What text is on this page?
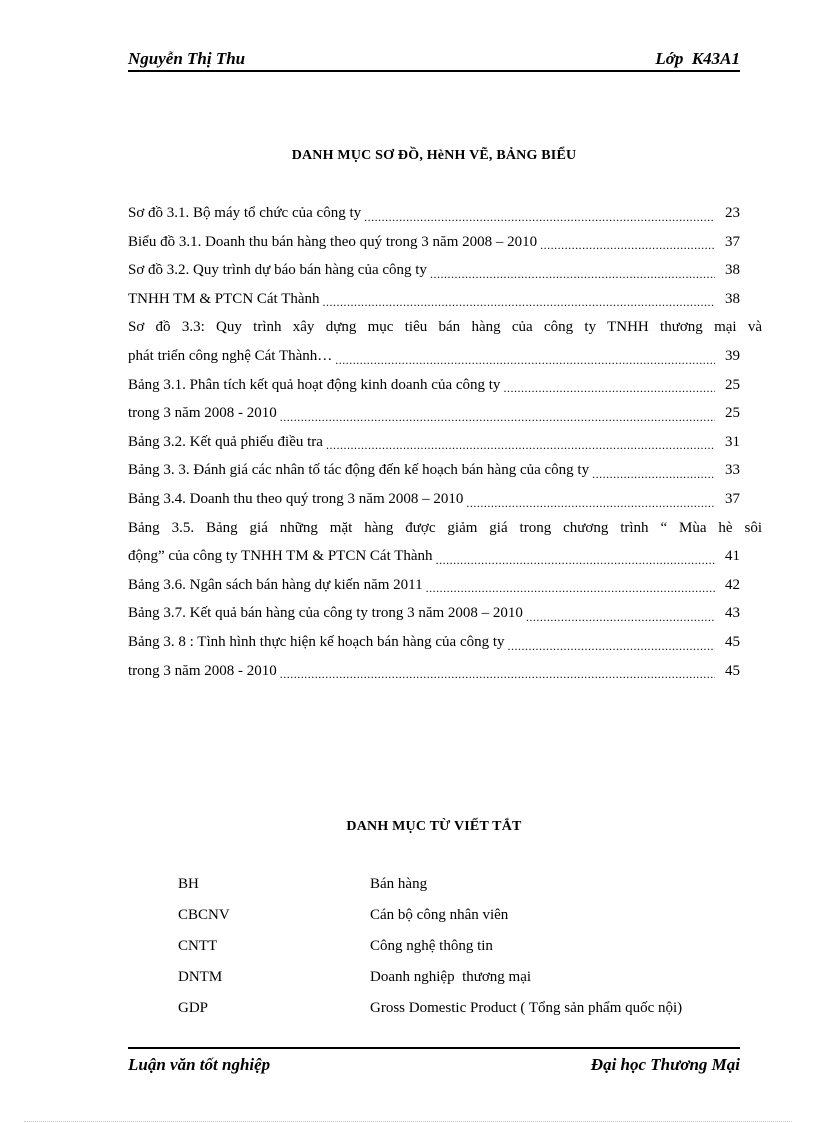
Nguyễn Thị Thu	Lớp  K43A1
DANH MỤC SƠ ĐỒ, HèNH VẼ, BẢNG BIỂU
Sơ đồ 3.1. Bộ máy tổ chức của công ty .....	23
Biểu đồ 3.1. Doanh thu bán hàng theo quý trong 3 năm 2008 – 2010 .....	37
Sơ đồ 3.2. Quy trình dự báo bán hàng của công ty .....	38
TNHH TM & PTCN Cát Thành .....	38
Sơ đồ 3.3: Quy trình xây dựng mục tiêu bán hàng của công ty TNHH thương mại và
phát triển công nghệ Cát Thành… .....	39
Bảng 3.1. Phân tích kết quả hoạt động kinh doanh của công ty .....	25
trong 3 năm 2008 - 2010 .....	25
Bảng 3.2. Kết quả phiếu điều tra .....	31
Bảng 3. 3. Đánh giá các nhân tố tác động đến kế hoạch bán hàng của công ty .....	33
Bảng 3.4. Doanh thu theo quý trong 3 năm 2008 – 2010 .....	37
Bảng 3.5. Bảng giá những mặt hàng được giảm giá trong chương trình “ Mùa hè sôi
động” của công ty TNHH TM & PTCN Cát Thành .....	41
Bảng 3.6. Ngân sách bán hàng dự kiến năm 2011 .....	42
Bảng 3.7. Kết quả bán hàng của công ty trong 3 năm 2008 – 2010 .....	43
Bảng 3. 8 : Tình hình thực hiện kế hoạch bán hàng của công ty .....	45
trong 3 năm 2008 - 2010 .....	45
DANH MỤC TỪ VIẾT TẮT
BH	Bán hàng
CBCNV	Cán bộ công nhân viên
CNTT	Công nghệ thông tin
DNTM	Doanh nghiệp  thương mại
GDP	Gross Domestic Product ( Tổng sản phẩm quốc nội)
Luận văn tốt nghiệp	Đại học Thương Mại
